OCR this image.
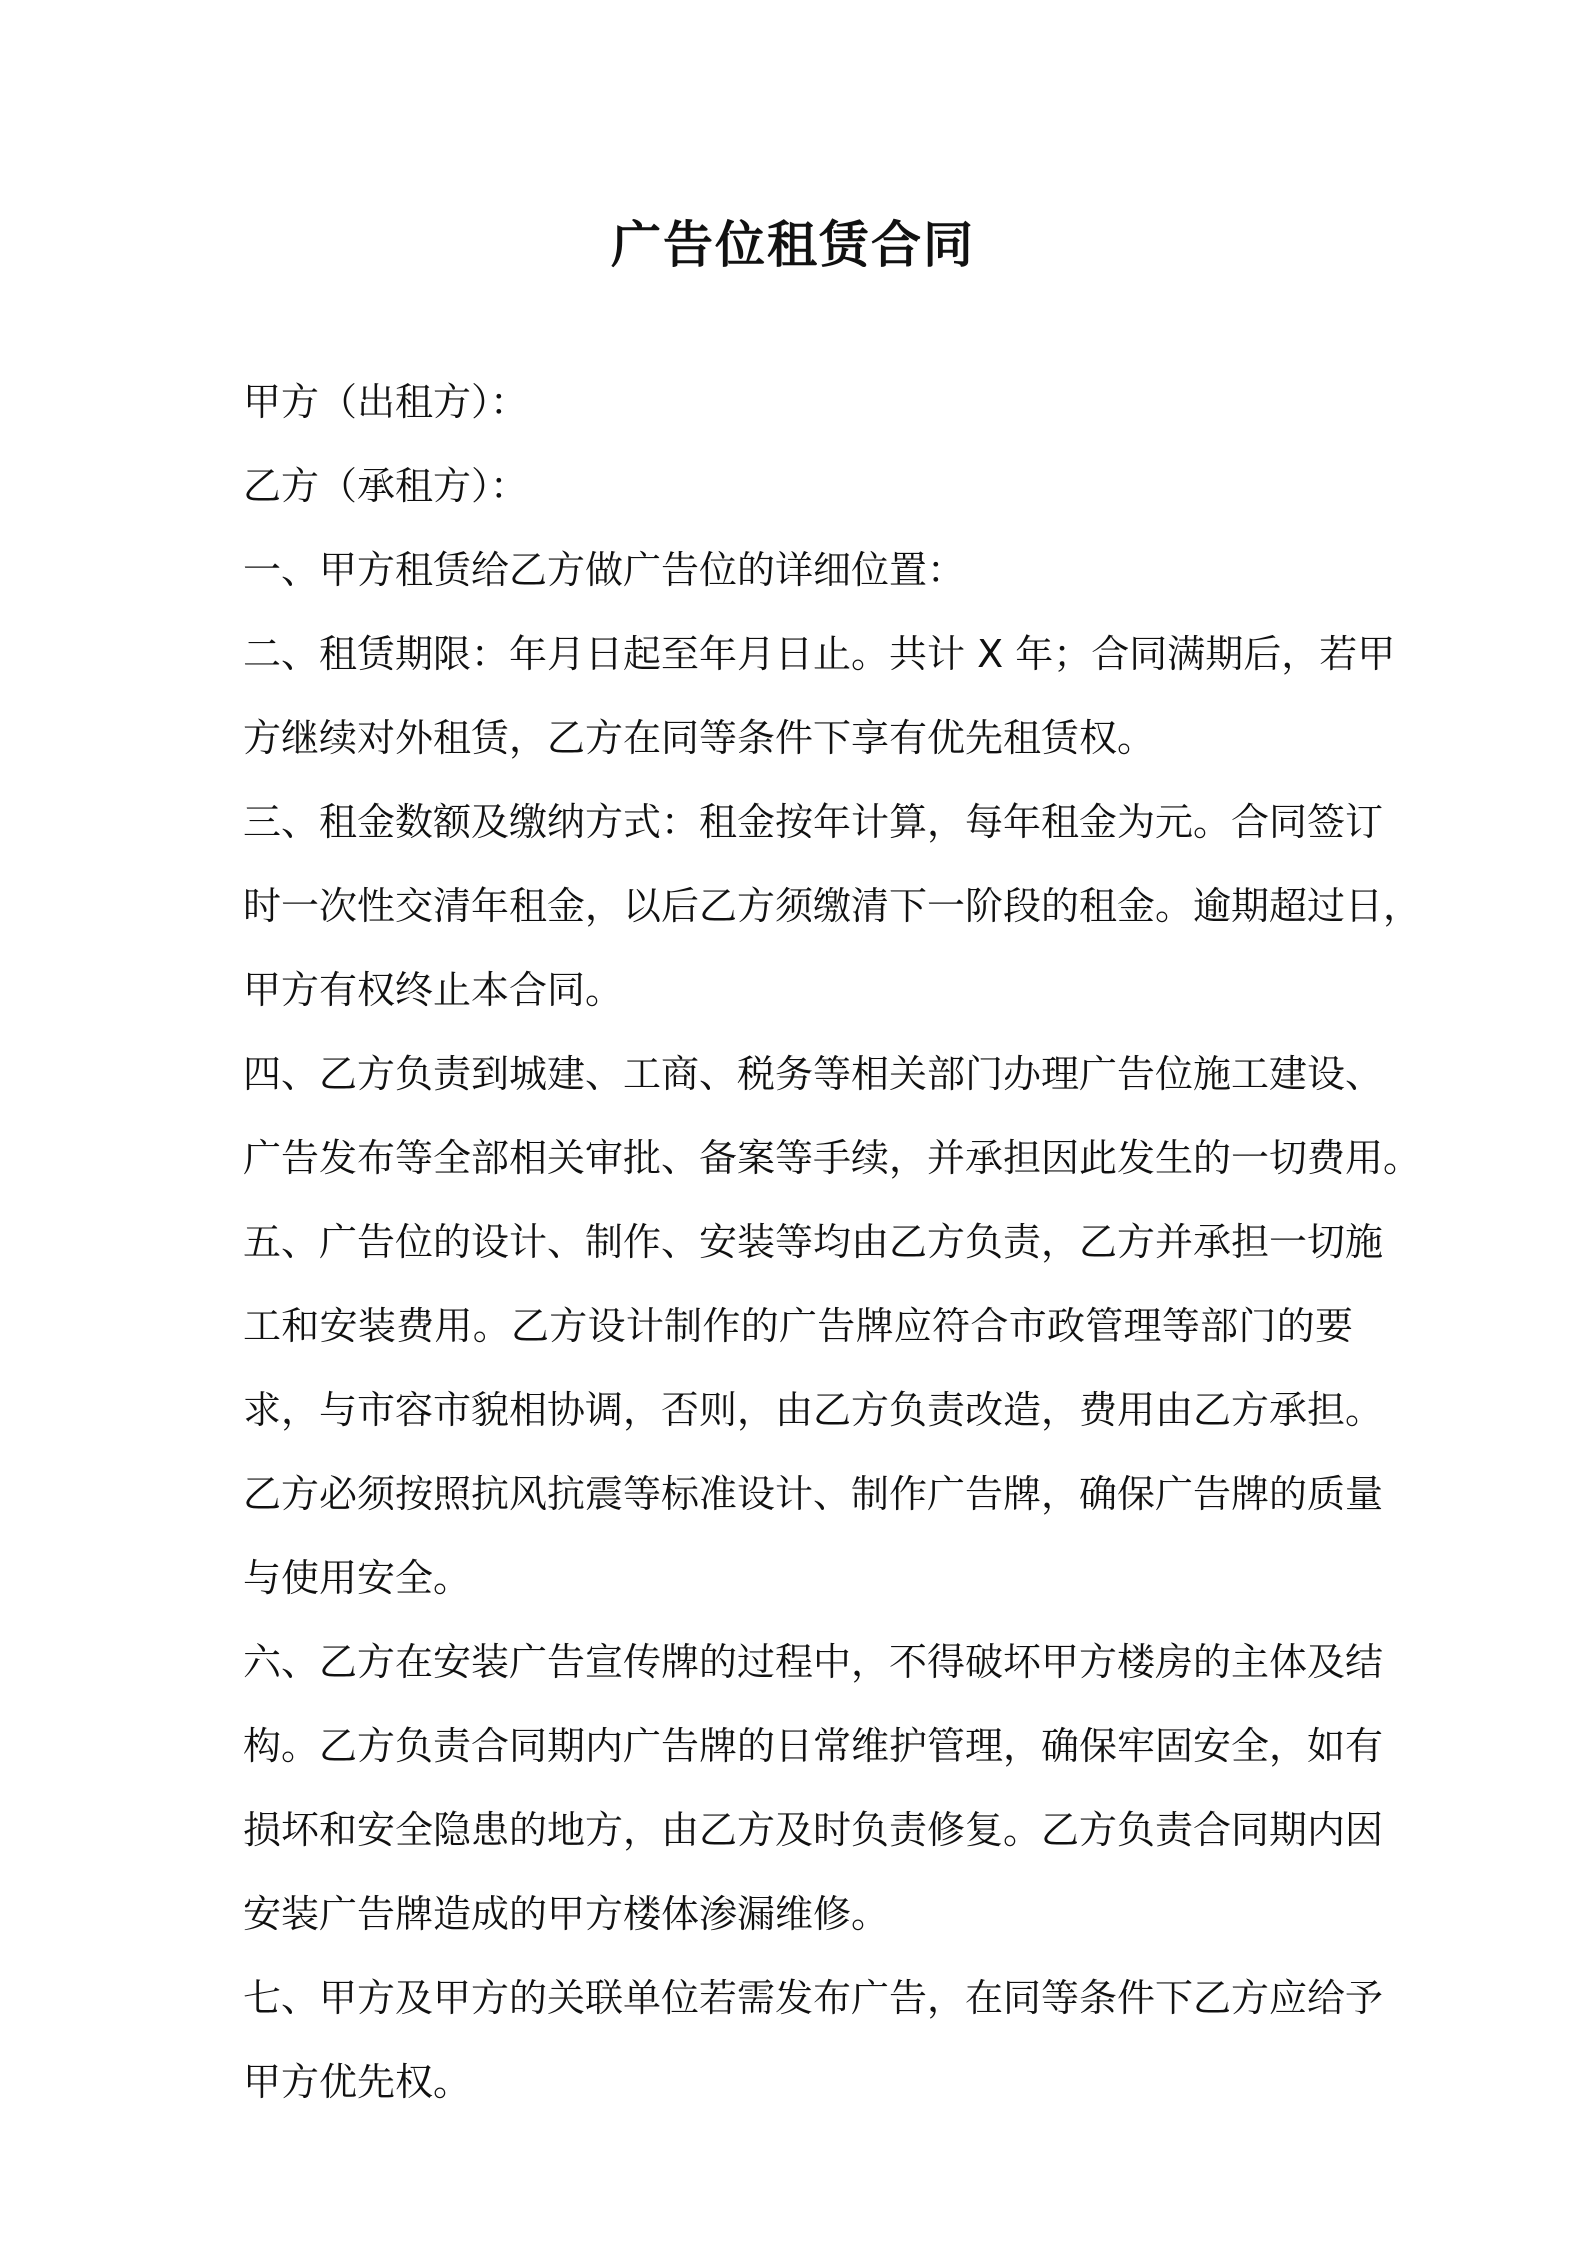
广告位租赁合同
甲方（出租方）：
乙方（承租方）：
一、甲方租赁给乙方做广告位的详细位置：
二、租赁期限：年月日起至年月日止。共计 X 年；合同满期后，若甲
方继续对外租赁，乙方在同等条件下享有优先租赁权。
三、租金数额及缴纳方式：租金按年计算，每年租金为元。合同签订
时一次性交清年租金，以后乙方须缴清下一阶段的租金。逾期超过日，
甲方有权终止本合同。
四、乙方负责到城建、工商、税务等相关部门办理广告位施工建设、
广告发布等全部相关审批、备案等手续，并承担因此发生的一切费用。
五、广告位的设计、制作、安装等均由乙方负责，乙方并承担一切施
工和安装费用。乙方设计制作的广告牌应符合市政管理等部门的要
求，与市容市貌相协调，否则，由乙方负责改造，费用由乙方承担。
乙方必须按照抗风抗震等标准设计、制作广告牌，确保广告牌的质量
与使用安全。
六、乙方在安装广告宣传牌的过程中，不得破坏甲方楼房的主体及结
构。乙方负责合同期内广告牌的日常维护管理，确保牢固安全，如有
损坏和安全隐患的地方，由乙方及时负责修复。乙方负责合同期内因
安装广告牌造成的甲方楼体渗漏维修。
七、甲方及甲方的关联单位若需发布广告，在同等条件下乙方应给予
甲方优先权。
